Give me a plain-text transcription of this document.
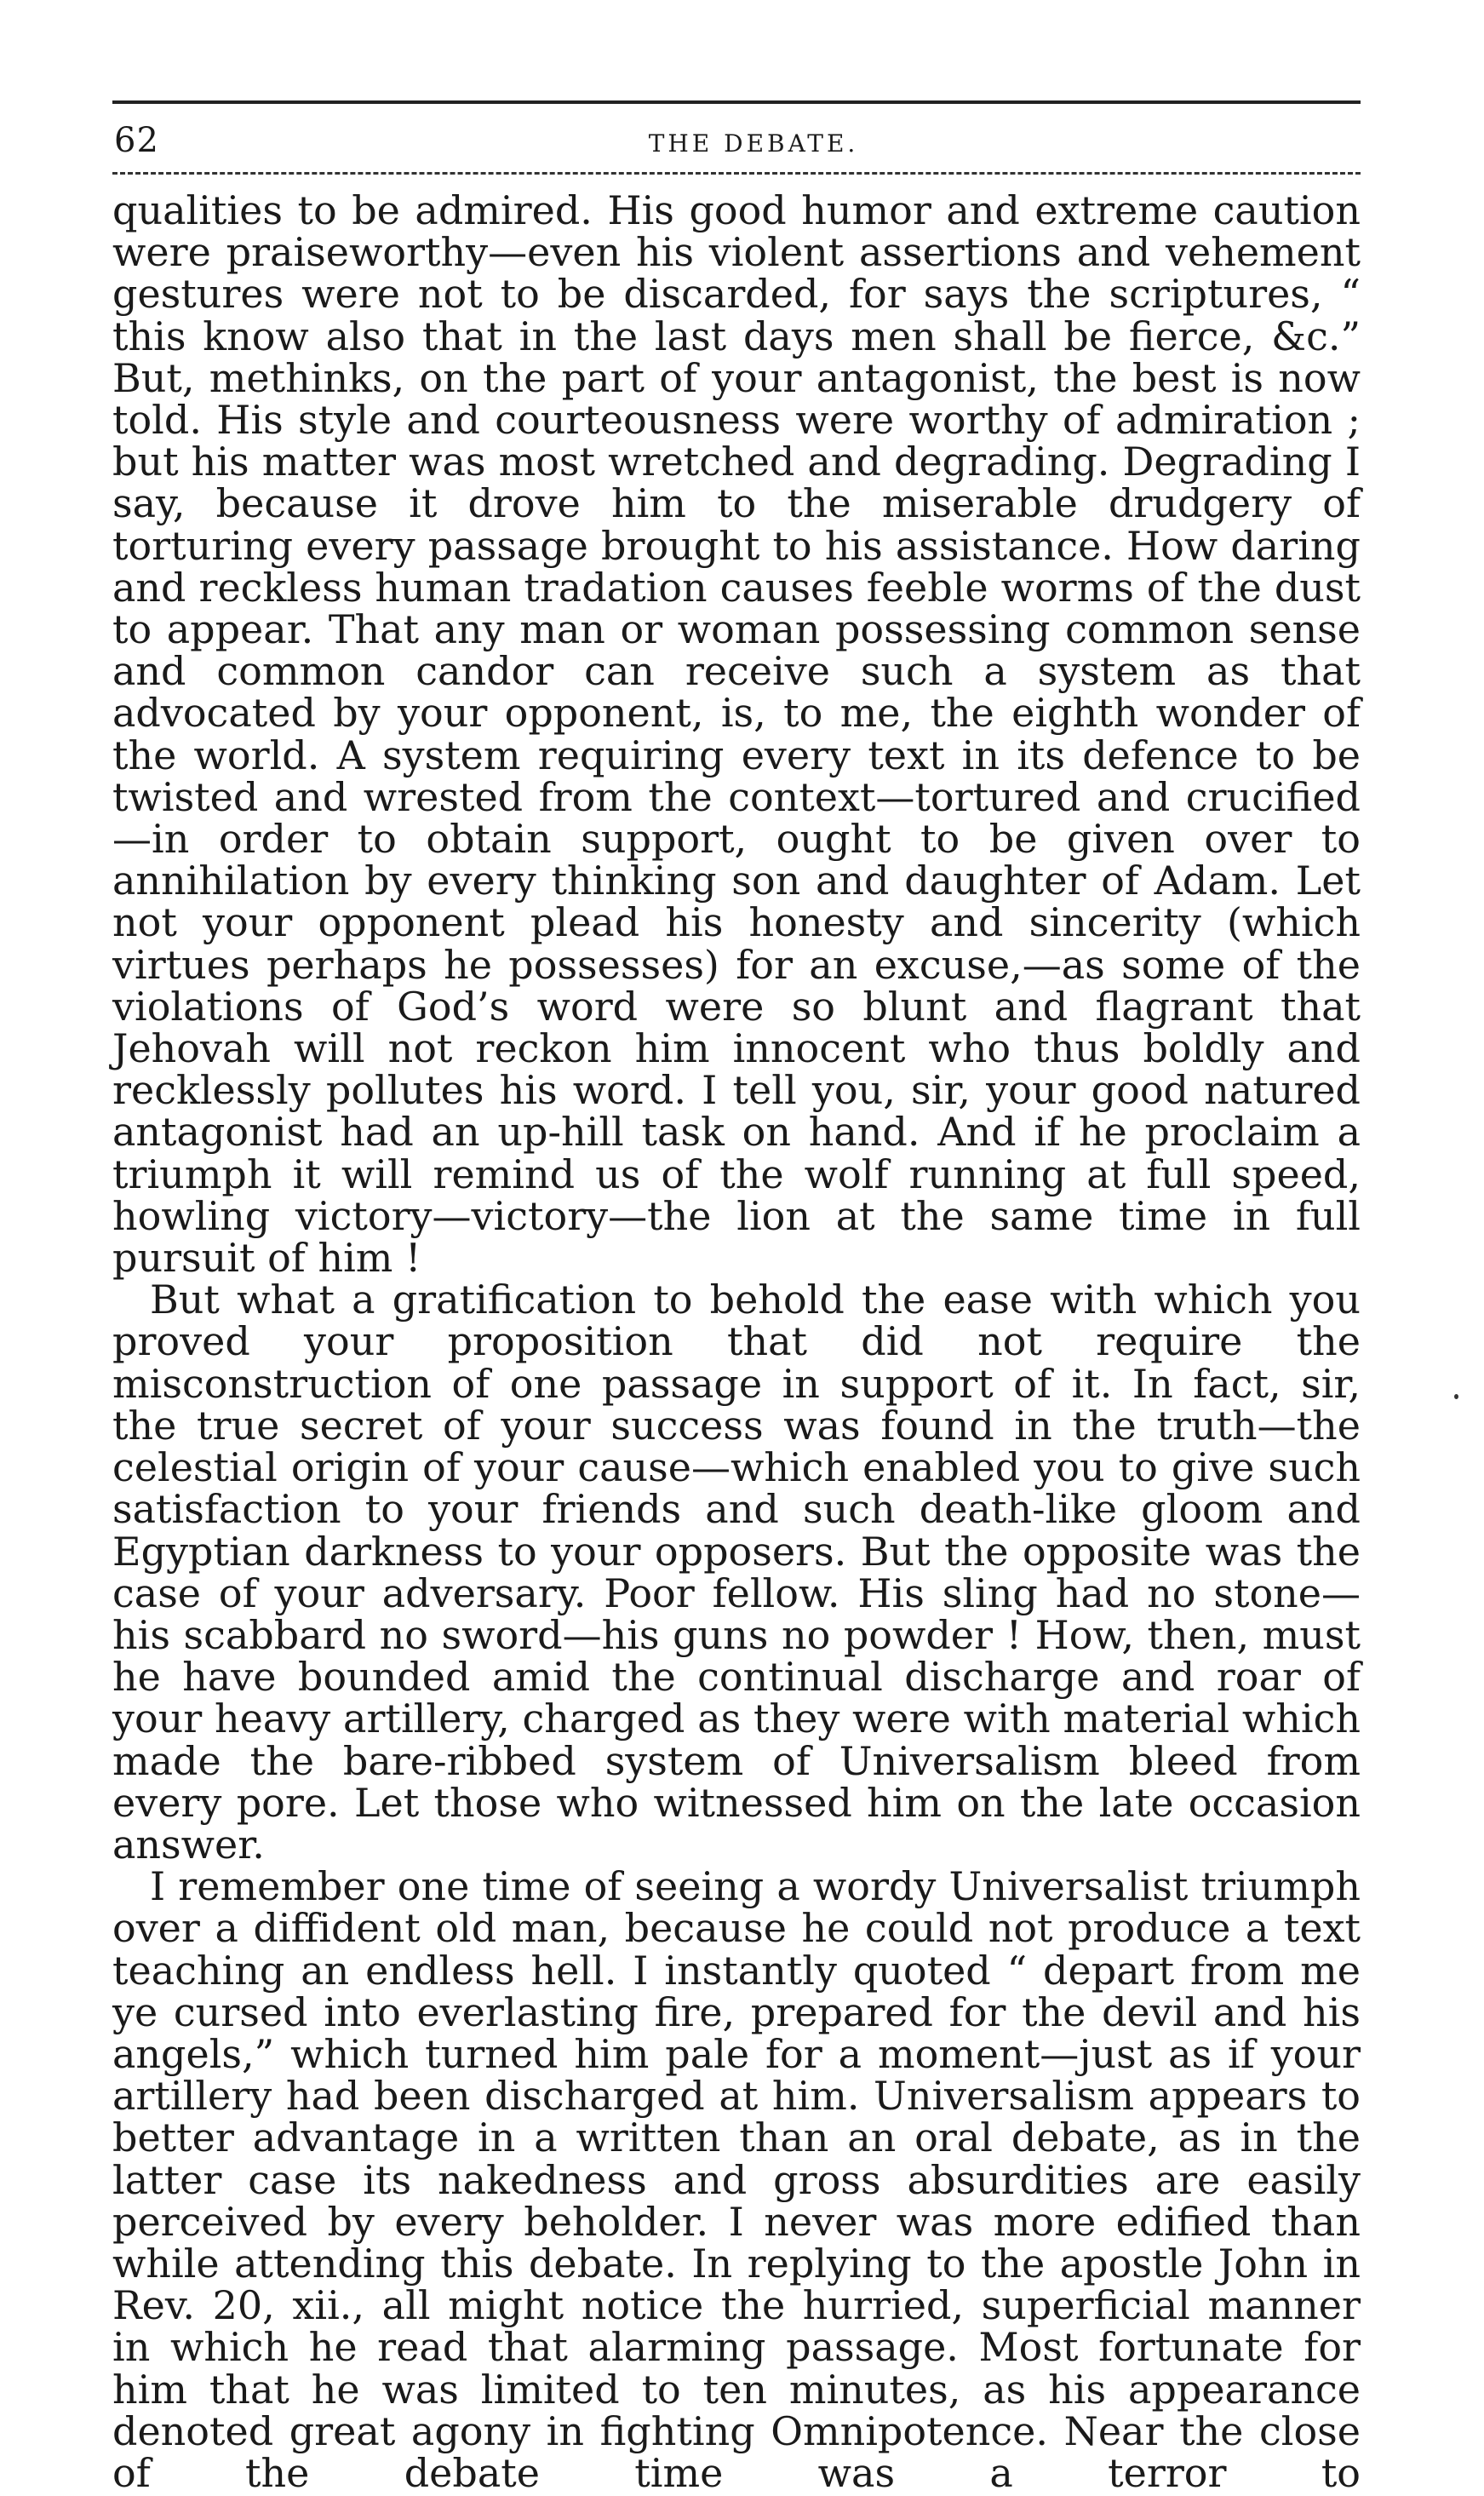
62	THE DEBATE.

qualities to be admired. His good humor and extreme caution were praiseworthy—even his violent assertions and vehement gestures were not to be discarded, for says the scriptures, “ this know also that in the last days men shall be fierce, &c.” But, methinks, on the part of your antagonist, the best is now told. His style and courteousness were worthy of admiration ; but his matter was most wretched and degrading. Degrading I say, because it drove him to the miserable drudgery of torturing every passage brought to his assistance. How daring and reckless human tradation causes feeble worms of the dust to appear. That any man or woman possessing common sense and common candor can receive such a system as that advocated by your opponent, is, to me, the eighth wonder of the world. A system requiring every text in its defence to be twisted and wrested from the context—tortured and crucified—in order to obtain support, ought to be given over to annihilation by every thinking son and daughter of Adam. Let not your opponent plead his honesty and sincerity (which virtues perhaps he possesses) for an excuse,—as some of the violations of God’s word were so blunt and flagrant that Jehovah will not reckon him innocent who thus boldly and recklessly pollutes his word. I tell you, sir, your good natured antagonist had an up-hill task on hand. And if he proclaim a triumph it will remind us of the wolf running at full speed, howling victory—victory—the lion at the same time in full pursuit of him !

But what a gratification to behold the ease with which you proved your proposition that did not require the misconstruction of one passage in support of it. In fact, sir, the true secret of your success was found in the truth—the celestial origin of your cause—which enabled you to give such satisfaction to your friends and such death-like gloom and Egyptian darkness to your opposers. But the opposite was the case of your adversary. Poor fellow. His sling had no stone—his scabbard no sword—his guns no powder ! How, then, must he have bounded amid the continual discharge and roar of your heavy artillery, charged as they were with material which made the bare-ribbed system of Universalism bleed from every pore. Let those who witnessed him on the late occasion answer.

I remember one time of seeing a wordy Universalist triumph over a diffident old man, because he could not produce a text teaching an endless hell. I instantly quoted “ depart from me ye cursed into everlasting fire, prepared for the devil and his angels,” which turned him pale for a moment—just as if your artillery had been discharged at him. Universalism appears to better advantage in a written than an oral debate, as in the latter case its nakedness and gross absurdities are easily perceived by every beholder. I never was more edified than while attending this debate. In replying to the apostle John in Rev. 20, xii., all might notice the hurried, superficial manner in which he read that alarming passage. Most fortunate for him that he was limited to ten minutes, as his appearance denoted great agony in fighting Omnipotence. Near the close of the debate time was a terror to
